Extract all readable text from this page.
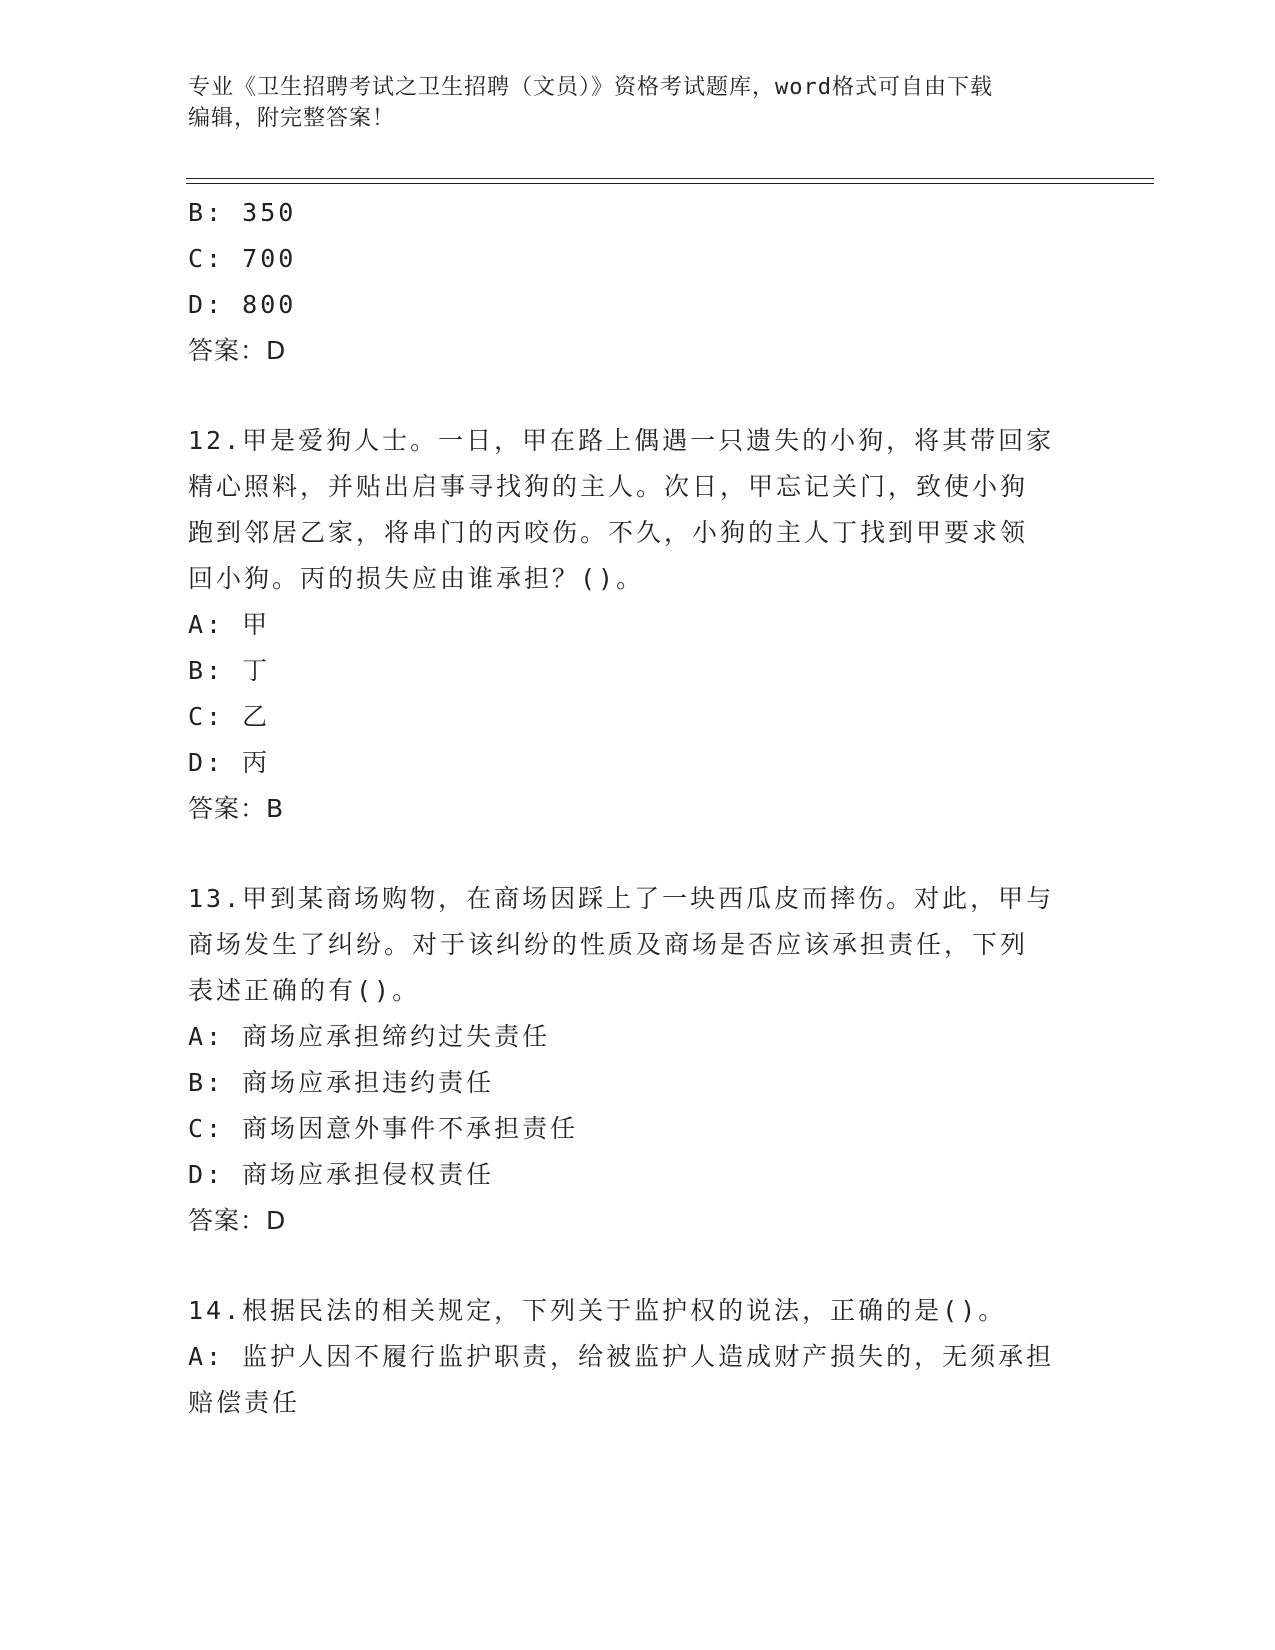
专业《卫生招聘考试之卫生招聘（文员）》资格考试题库，word格式可自由下载
编辑，附完整答案！
B: 350
C: 700
D: 800
答案：D
12.甲是爱狗人士。一日，甲在路上偶遇一只遗失的小狗，将其带回家
精心照料，并贴出启事寻找狗的主人。次日，甲忘记关门，致使小狗
跑到邻居乙家，将串门的丙咬伤。不久，小狗的主人丁找到甲要求领
回小狗。丙的损失应由谁承担？()。
A: 甲
B: 丁
C: 乙
D: 丙
答案：B
13.甲到某商场购物，在商场因踩上了一块西瓜皮而摔伤。对此，甲与
商场发生了纠纷。对于该纠纷的性质及商场是否应该承担责任，下列
表述正确的有()。
A: 商场应承担缔约过失责任
B: 商场应承担违约责任
C: 商场因意外事件不承担责任
D: 商场应承担侵权责任
答案：D
14.根据民法的相关规定，下列关于监护权的说法，正确的是()。
A: 监护人因不履行监护职责，给被监护人造成财产损失的，无须承担
赔偿责任
